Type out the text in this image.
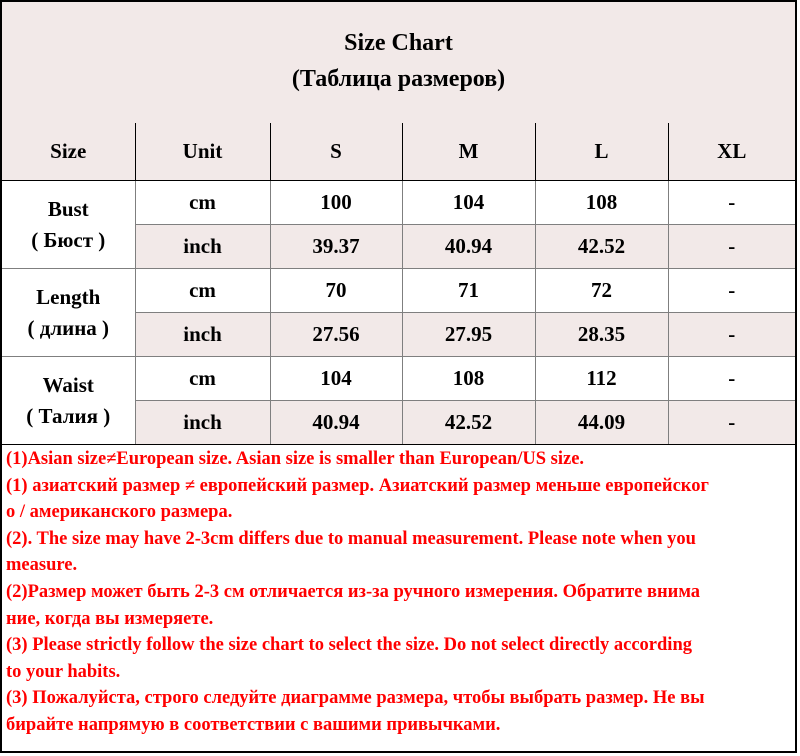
Size Chart
(Таблица размеров)
Size	Unit	S	M	L	XL

Bust
( Бюст )	cm	100	104	108	-
	inch	39.37	40.94	42.52	-

Length
( длина )	cm	70	71	72	-
	inch	27.56	27.95	28.35	-

Waist
( Талия )	cm	104	108	112	-
	inch	40.94	42.52	44.09	-

(1)Asian size≠European size. Asian size is smaller than European/US size.

(1) азиатский размер ≠ европейский размер. Азиатский размер меньше европейског
о / американского размера.

(2). The size may have 2-3cm differs due to manual measurement. Please note when you
measure.

(2)Размер может быть 2-3 см отличается из-за ручного измерения. Обратите внима
ние, когда вы измеряете.

(3) Please strictly follow the size chart to select the size. Do not select directly according
to your habits.

(3) Пожалуйста, строго следуйте диаграмме размера, чтобы выбрать размер. Не вы
бирайте напрямую в соответствии с вашими привычками.
